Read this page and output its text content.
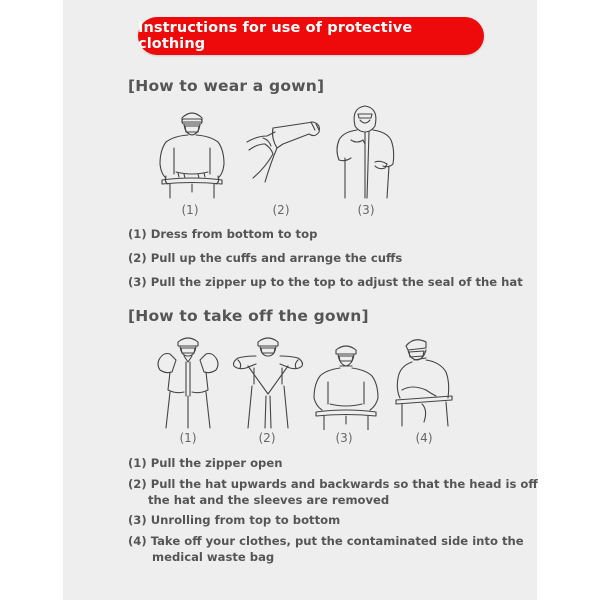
Instructions for use of protective clothing
[How to wear a gown]
(1)	(2)	(3)
(1) Dress from bottom to top
(2) Pull up the cuffs and arrange the cuffs
(3) Pull the zipper up to the top to adjust the seal of the hat
[How to take off the gown]
(1)	(2)	(3)	(4)
(1) Pull the zipper open
(2) Pull the hat upwards and backwards so that the head is off
the hat and the sleeves are removed
(3) Unrolling from top to bottom
(4) Take off your clothes, put the contaminated side into the
medical waste bag
